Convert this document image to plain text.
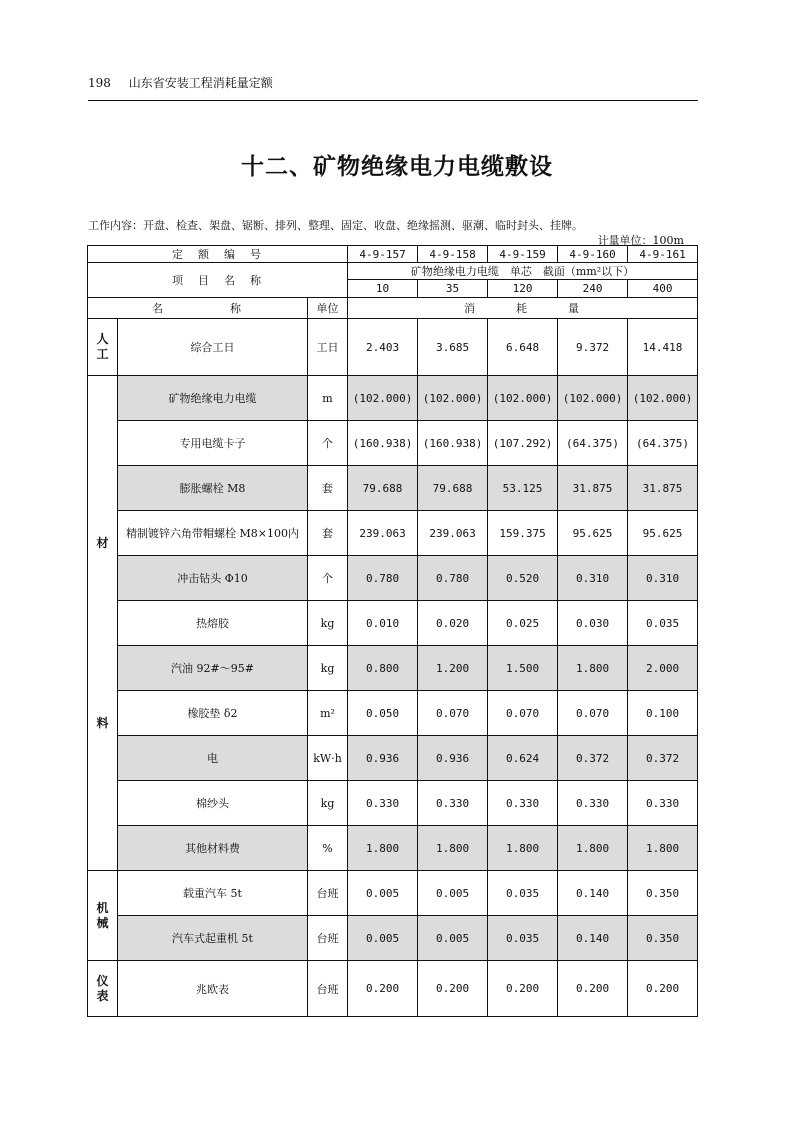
198 山东省安装工程消耗量定额
十二、矿物绝缘电力电缆敷设
工作内容：开盘、检查、架盘、锯断、排列、整理、固定、收盘、绝缘摇测、驱潮、临时封头、挂牌。
计量单位：100m
定　额　编　号			4-9-157	4-9-158	4-9-159	4-9-160	4-9-161
项　目　名　称			矿物绝缘电力电缆　单芯　截面（mm²以下）				
			10	35	120	240	400
名　　　　　称		单位	消　　　耗　　　量				
人
工	综合工日	工日	2.403	3.685	6.648	9.372	14.418

材
料	矿物绝缘电力电缆	m	(102.000)	(102.000)	(102.000)	(102.000)	(102.000)
	专用电缆卡子	个	(160.938)	(160.938)	(107.292)	(64.375)	(64.375)
	膨胀螺栓 M8	套	79.688	79.688	53.125	31.875	31.875
	精制镀锌六角带帽螺栓 M8×100内	套	239.063	239.063	159.375	95.625	95.625
	冲击钻头 Φ10	个	0.780	0.780	0.520	0.310	0.310
	热熔胶	kg	0.010	0.020	0.025	0.030	0.035
	汽油 92#～95#	kg	0.800	1.200	1.500	1.800	2.000
	橡胶垫 δ2	m²	0.050	0.070	0.070	0.070	0.100
	电	kW·h	0.936	0.936	0.624	0.372	0.372
	棉纱头	kg	0.330	0.330	0.330	0.330	0.330
	其他材料费	%	1.800	1.800	1.800	1.800	1.800
机
械	载重汽车 5t	台班	0.005	0.005	0.035	0.140	0.350
	汽车式起重机 5t	台班	0.005	0.005	0.035	0.140	0.350
仪
表	兆欧表	台班	0.200	0.200	0.200	0.200	0.200
